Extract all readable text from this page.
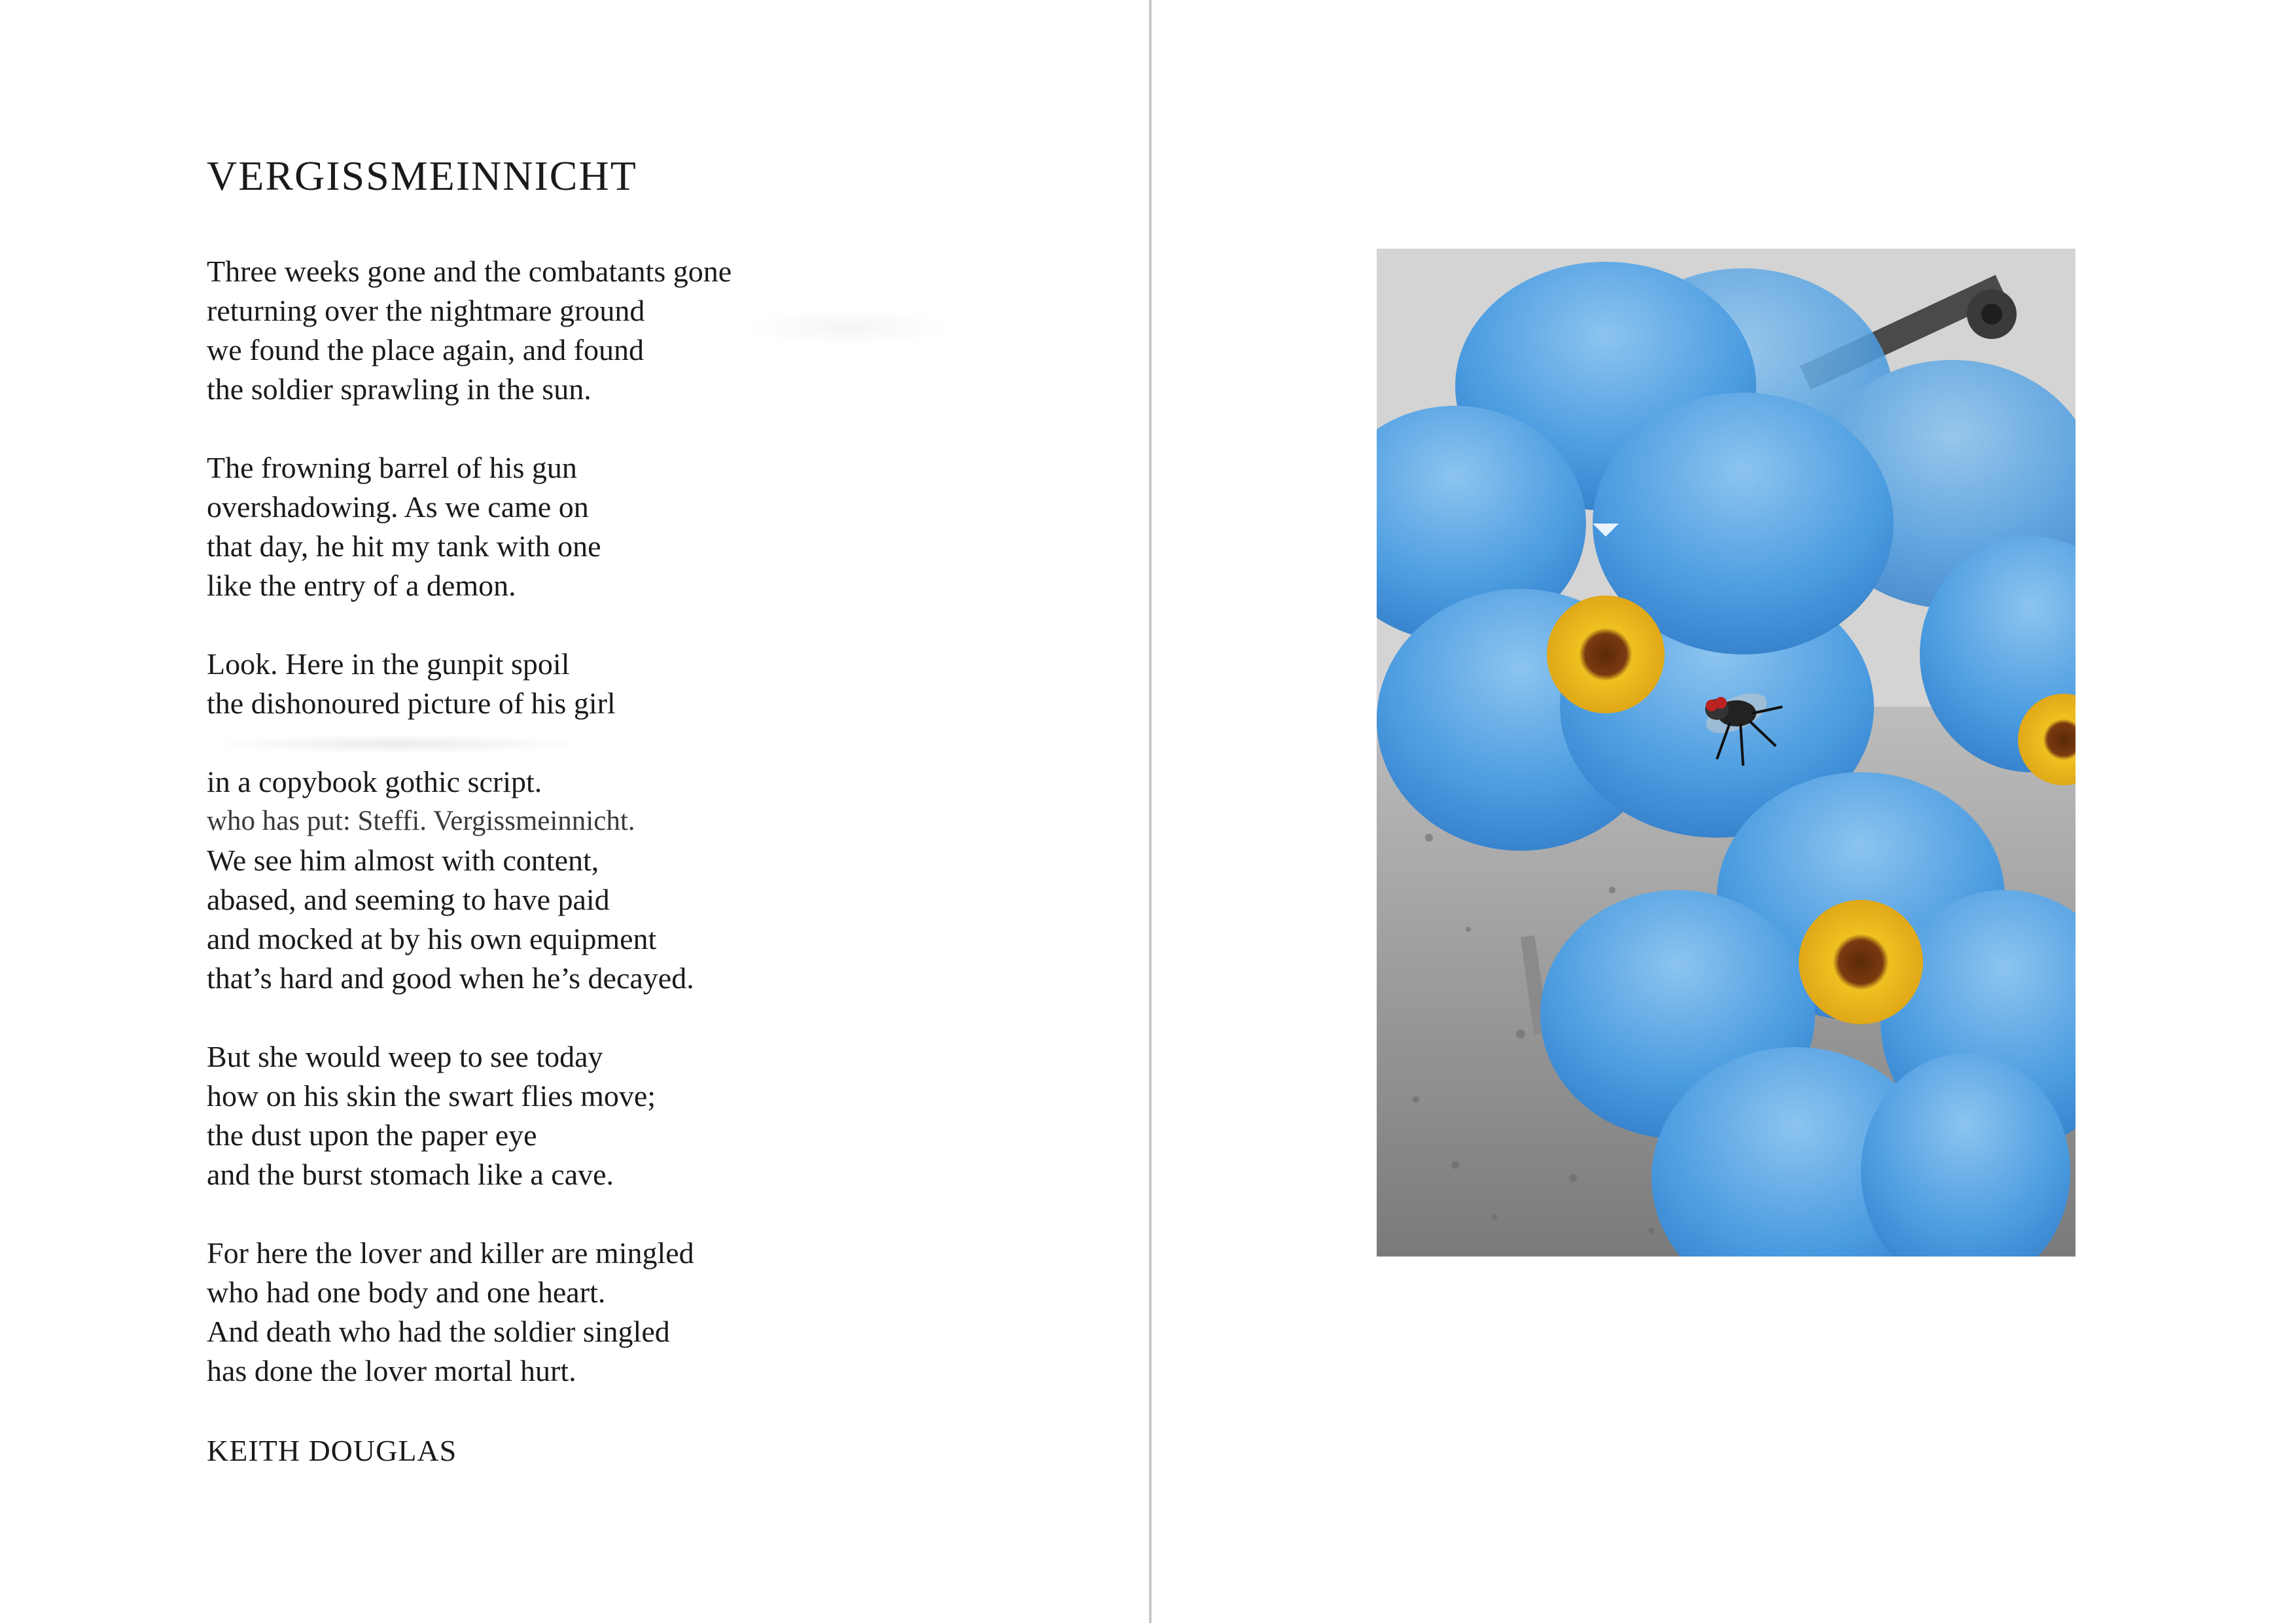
VERGISSMEINNICHT
Three weeks gone and the combatants gone
returning over the nightmare ground
we found the place again, and found
the soldier sprawling in the sun.
The frowning barrel of his gun
overshadowing. As we came on
that day, he hit my tank with one
like the entry of a demon.
Look. Here in the gunpit spoil
the dishonoured picture of his girl
in a copybook gothic script.
who has put: Steffi. Vergissmeinnicht.
We see him almost with content,
abased, and seeming to have paid
and mocked at by his own equipment
that’s hard and good when he’s decayed.
But she would weep to see today
how on his skin the swart flies move;
the dust upon the paper eye
and the burst stomach like a cave.
For here the lover and killer are mingled
who had one body and one heart.
And death who had the soldier singled
has done the lover mortal hurt.
KEITH DOUGLAS
